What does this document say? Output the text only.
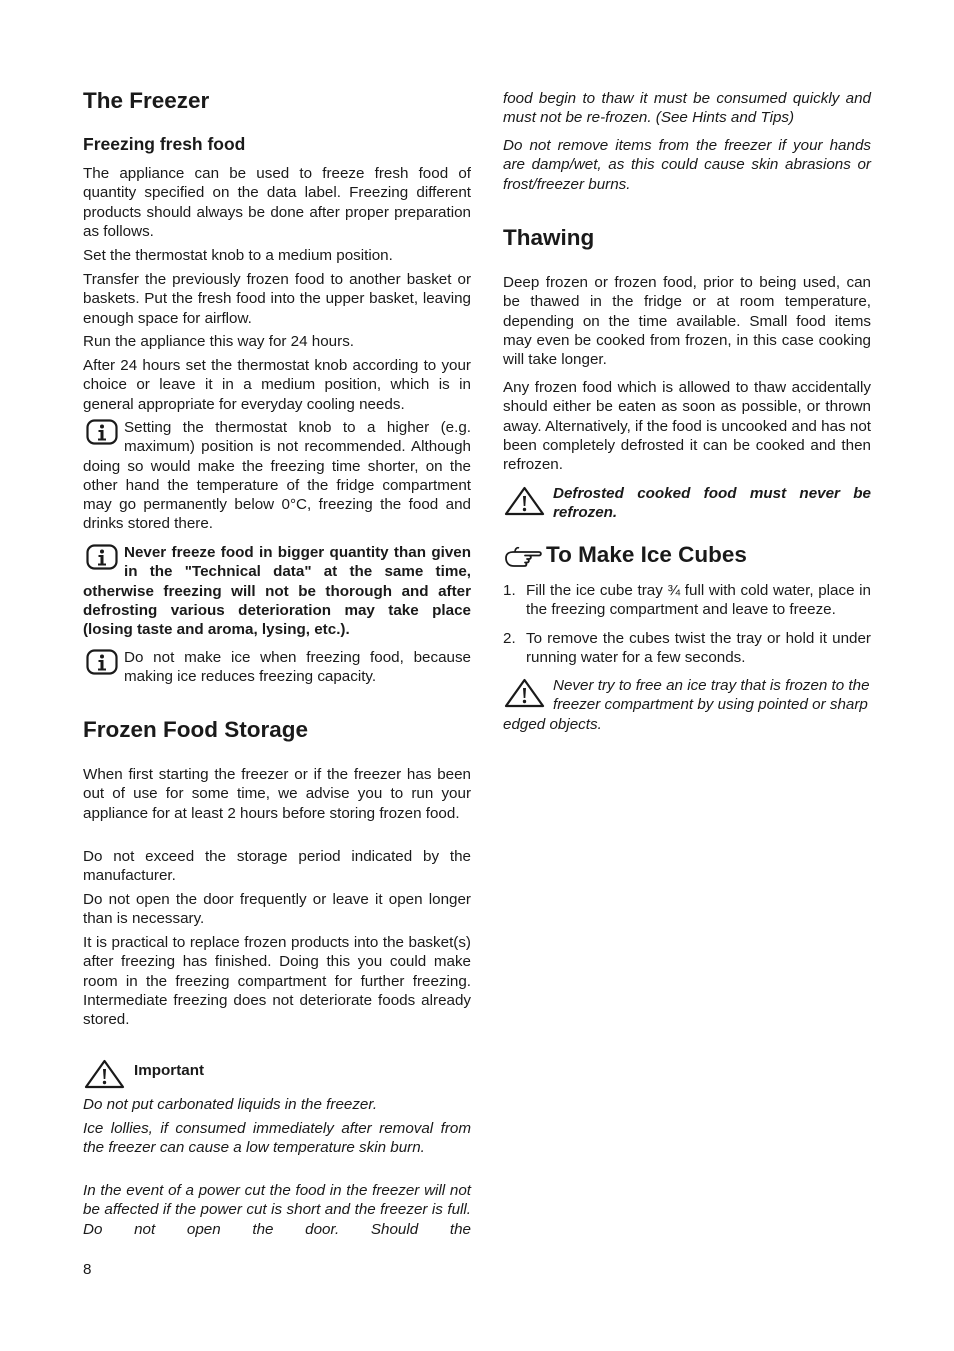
The Freezer
Freezing fresh food

The appliance can be used to freeze fresh food of quantity specified on the data label. Freezing different products should always be done after proper preparation as follows.

Set the thermostat knob to a medium position.

Transfer the previously frozen food to another basket or baskets. Put the fresh food into the upper basket, leaving enough space for airflow.

Run the appliance this way for 24 hours.

After 24 hours set the thermostat knob according to your choice or leave it in a medium position, which is in general appropriate for everyday cooling needs.

Setting the thermostat knob to a higher (e.g. maximum) position is not recommended. Although doing so would make the freezing time shorter, on the other hand the temperature of the fridge compartment may go permanently below 0°C, freezing the food and drinks stored there.

Never freeze food in bigger quantity than given in the "Technical data" at the same time, otherwise freezing will not be thorough and after defrosting various deterioration may take place (losing taste and aroma, lysing, etc.).

Do not make ice when freezing food, because making ice reduces freezing capacity.

Frozen Food Storage

When first starting the freezer or if the freezer has been out of use for some time, we advise you to run your appliance for at least 2 hours before storing frozen food.

Do not exceed the storage period indicated by the manufacturer.

Do not open the door frequently or leave it open longer than is necessary.

It is practical to replace frozen products into the basket(s) after freezing has finished. Doing this you could make room in the freezing compartment for further freezing. Intermediate freezing does not deteriorate foods already stored.

Important

Do not put carbonated liquids in the freezer.

Ice lollies, if consumed immediately after removal from the freezer can cause a low temperature skin burn.

In the event of a power cut the food in the freezer will not be affected if the power cut is short and the freezer is full. Do not open the door. Should the

food begin to thaw it must be consumed quickly and must not be re-frozen. (See Hints and Tips)

Do not remove items from the freezer if your hands are damp/wet, as this could cause skin abrasions or frost/freezer burns.

Thawing

Deep frozen or frozen food, prior to being used, can be thawed in the fridge or at room temperature, depending on the time available. Small food items may even be cooked from frozen, in this case cooking will take longer.

Any frozen food which is allowed to thaw accidentally should either be eaten as soon as possible, or thrown away. Alternatively, if the food is uncooked and has not been completely defrosted it can be cooked and then refrozen.

Defrosted cooked food must never be refrozen.

To Make Ice Cubes
1. Fill the ice cube tray ¾ full with cold water, place in the freezing compartment and leave to freeze.

2. To remove the cubes twist the tray or hold it under running water for a few seconds.

Never try to free an ice tray that is frozen to the freezer compartment by using pointed or sharp edged objects.

8
